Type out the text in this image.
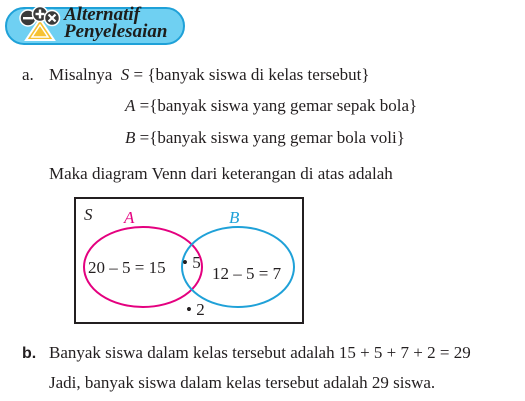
Alternatif
Penyelesaian
a. Misalnya S = {banyak siswa di kelas tersebut}
A ={banyak siswa yang gemar sepak bola}
B ={banyak siswa yang gemar bola voli}
Maka diagram Venn dari keterangan di atas adalah
S A	B
20 – 5 = 15 • 5
12 – 5 = 7
• 2
b. Banyak siswa dalam kelas tersebut adalah 15 + 5 + 7 + 2 = 29
Jadi, banyak siswa dalam kelas tersebut adalah 29 siswa.
